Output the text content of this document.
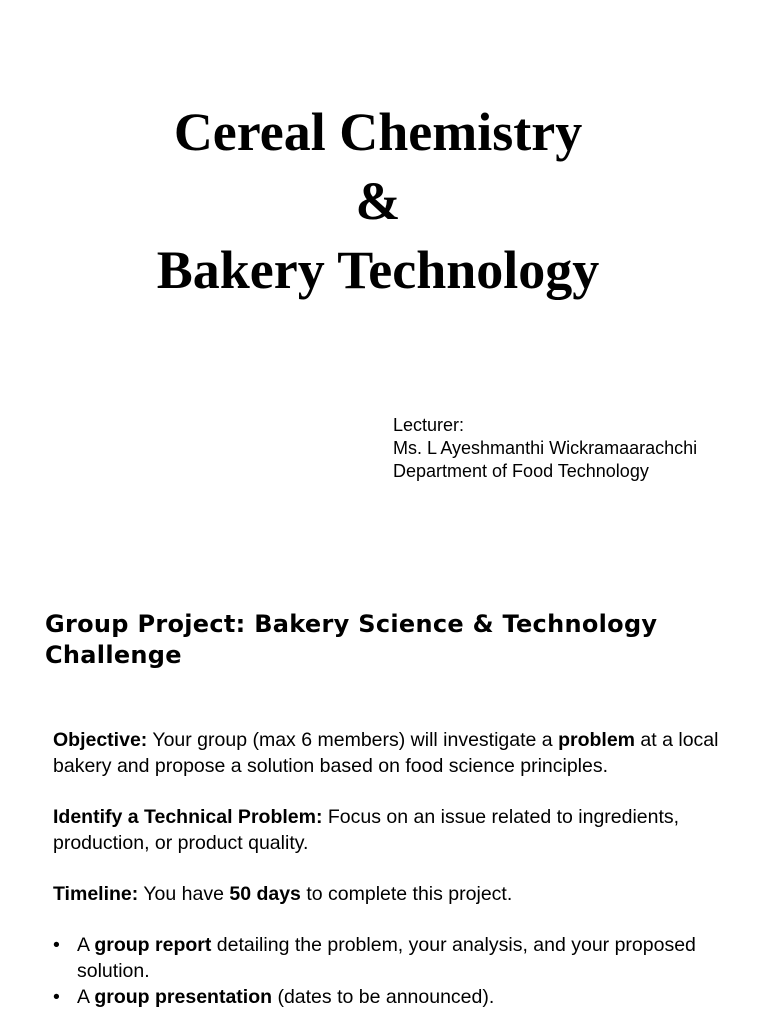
Cereal Chemistry
&
Bakery Technology
Lecturer:
Ms. L Ayeshmanthi Wickramaarachchi
Department of Food Technology
Group Project: Bakery Science & Technology Challenge

Objective: Your group (max 6 members) will investigate a problem at a local bakery and propose a solution based on food science principles.

Identify a Technical Problem: Focus on an issue related to ingredients, production, or product quality.

Timeline: You have 50 days to complete this project.

• A group report detailing the problem, your analysis, and your proposed solution.
• A group presentation (dates to be announced).
